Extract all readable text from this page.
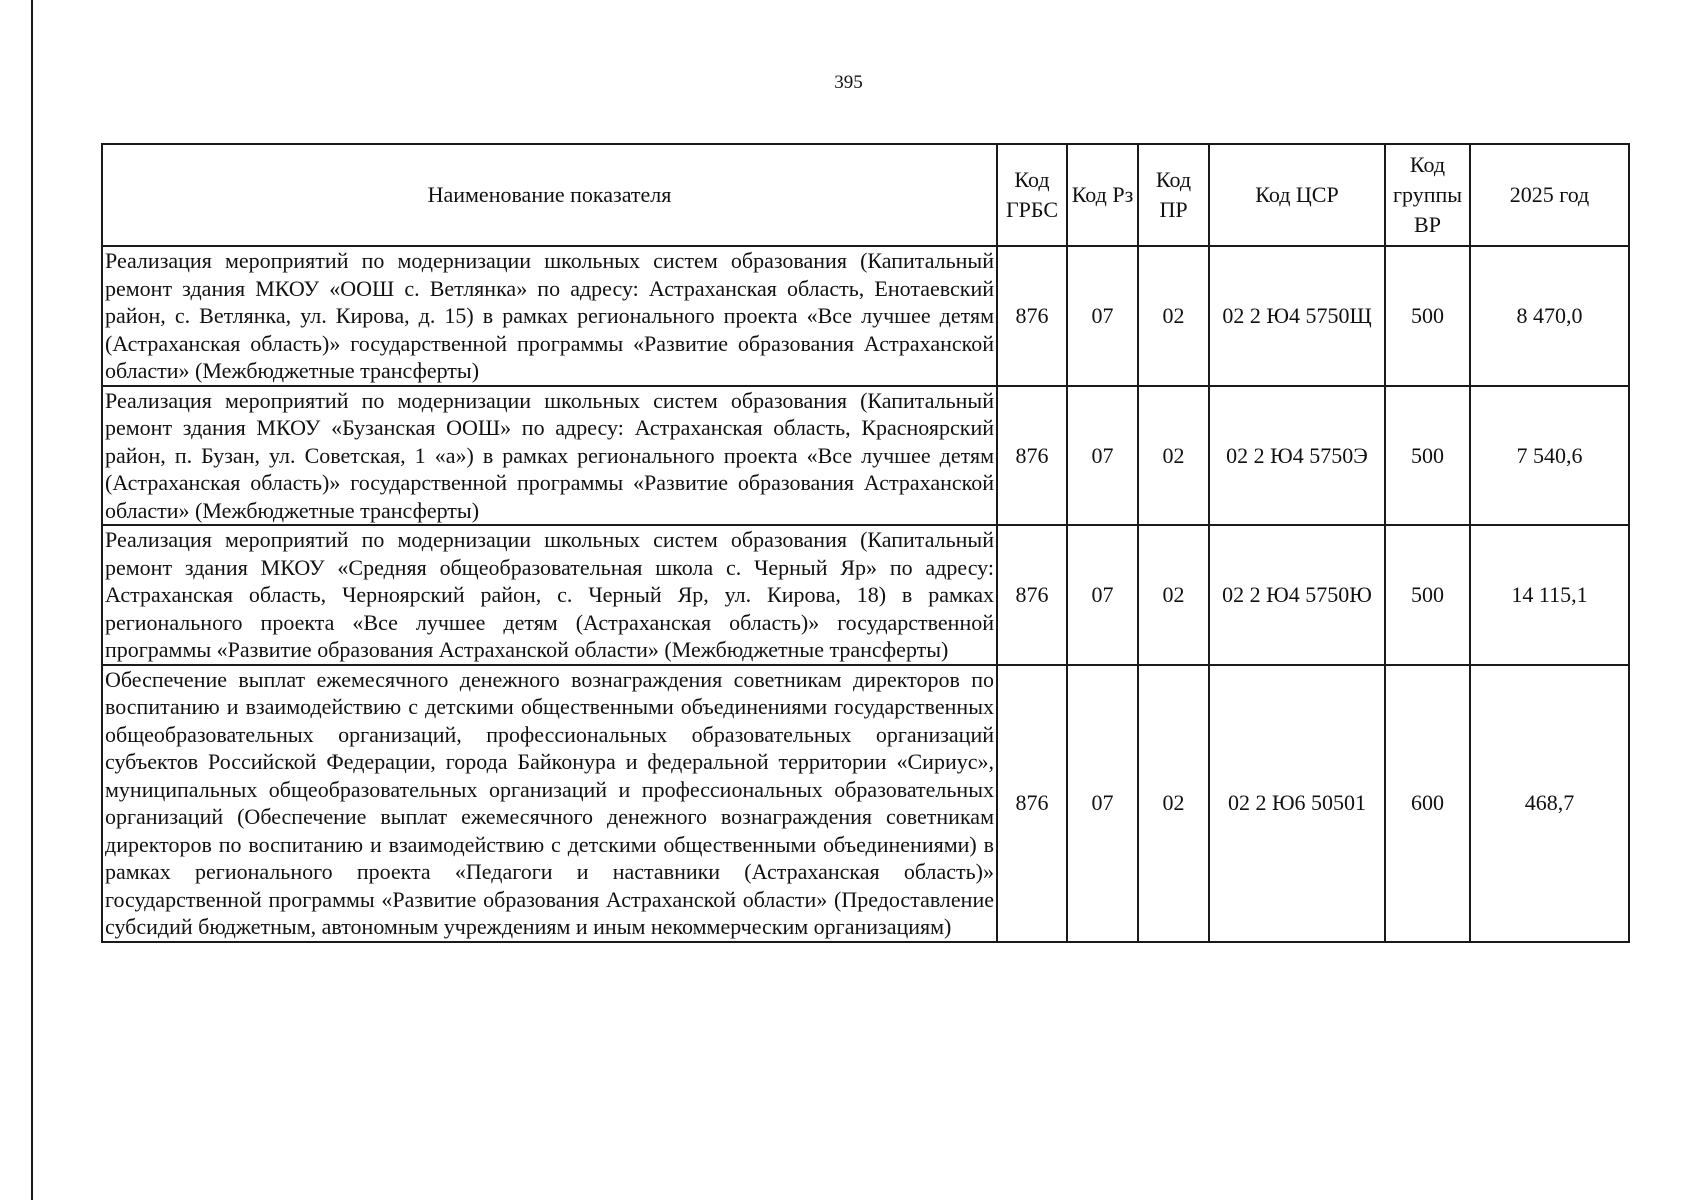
395
Наименование показателя	Код ГРБС	Код Рз	Код ПР	Код ЦСР	Код группы ВР	2025 год
Реализация мероприятий по модернизации школьных систем образования (Капитальный ремонт здания МКОУ «ООШ с. Ветлянка» по адресу: Астраханская область, Енотаевский район, с. Ветлянка, ул. Кирова, д. 15) в рамках регионального проекта «Все лучшее детям (Астраханская область)» государственной программы «Развитие образования Астраханской области» (Межбюджетные трансферты)	876	07	02	02 2 Ю4 5750Щ	500	8 470,0
Реализация мероприятий по модернизации школьных систем образования (Капитальный ремонт здания МКОУ «Бузанская ООШ» по адресу: Астраханская область, Красноярский район, п. Бузан, ул. Советская, 1 «а») в рамках регионального проекта «Все лучшее детям (Астраханская область)» государственной программы «Развитие образования Астраханской области» (Межбюджетные трансферты)	876	07	02	02 2 Ю4 5750Э	500	7 540,6
Реализация мероприятий по модернизации школьных систем образования (Капитальный ремонт здания МКОУ «Средняя общеобразовательная школа с. Черный Яр» по адресу: Астраханская область, Черноярский район, с. Черный Яр, ул. Кирова, 18) в рамках регионального проекта «Все лучшее детям (Астраханская область)» государственной программы «Развитие образования Астраханской области» (Межбюджетные трансферты)	876	07	02	02 2 Ю4 5750Ю	500	14 115,1
Обеспечение выплат ежемесячного денежного вознаграждения советникам директоров по воспитанию и взаимодействию с детскими общественными объединениями государственных общеобразовательных организаций, профессиональных образовательных организаций субъектов Российской Федерации, города Байконура и федеральной территории «Сириус», муниципальных общеобразовательных организаций и профессиональных образовательных организаций (Обеспечение выплат ежемесячного денежного вознаграждения советникам директоров по воспитанию и взаимодействию с детскими общественными объединениями) в рамках регионального проекта «Педагоги и наставники (Астраханская область)» государственной программы «Развитие образования Астраханской области» (Предоставление субсидий бюджетным, автономным учреждениям и иным некоммерческим организациям)	876	07	02	02 2 Ю6 50501	600	468,7
